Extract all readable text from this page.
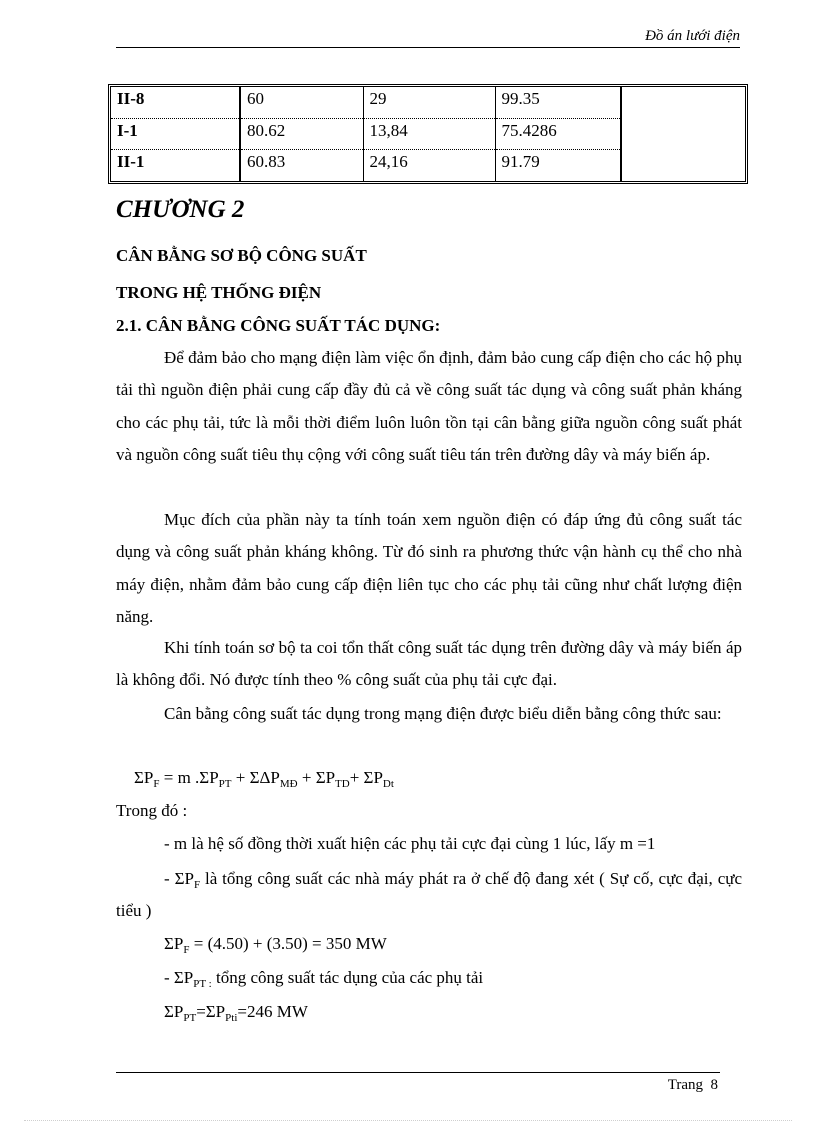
Đồ án lưới điện
II-8	60	29	99.35	
I-1	80.62	13,84	75.4286	
II-1	60.83	24,16	91.79	
CHƯƠNG 2
CÂN BẰNG SƠ BỘ CÔNG SUẤT
TRONG HỆ THỐNG ĐIỆN
2.1. CÂN BẰNG CÔNG SUẤT TÁC DỤNG:

Để đảm bảo cho mạng điện làm việc ổn định, đảm bảo cung cấp điện cho các hộ phụ tải thì nguồn điện phải cung cấp đầy đủ cả về công suất tác dụng và công suất phản kháng cho các phụ tải, tức là mỗi thời điểm luôn luôn tồn tại cân bằng giữa nguồn công suất phát và nguồn công suất tiêu thụ cộng với công suất tiêu tán trên đường dây và máy biến áp.

Mục đích của phần này ta tính toán xem nguồn điện có đáp ứng đủ công suất tác dụng và công suất phản kháng không. Từ đó sinh ra phương thức vận hành cụ thể cho nhà máy điện, nhằm đảm bảo cung cấp điện liên tục cho các phụ tải cũng như chất lượng điện năng.

Khi tính toán sơ bộ ta coi tổn thất công suất tác dụng trên đường dây và máy biến áp là không đổi. Nó được tính theo % công suất của phụ tải cực đại.

Cân bằng công suất tác dụng trong mạng điện được biểu diễn bằng công thức sau:

$\Sigma P_F = m$ $.\Sigma P_{PT} + \Sigma\Delta P_{MĐ} + \Sigma P_{TD}+ \Sigma P_{Dt}$
Trong đó :
- m là hệ số đồng thời xuất hiện các phụ tải cực đại cùng 1 lúc, lấy m =1

- $\Sigma P_F$ là tổng công suất các nhà máy phát ra ở chế độ đang xét ( Sự cố, cực đại, cực tiểu )

$\Sigma P_F = (4.50) + (3.50) = 350$ MW
- $\Sigma P_{PT :}$ tổng công suất tác dụng của các phụ tải
$\Sigma P_{PT}=\Sigma P_{Pti}=246$ MW
Trang 8
